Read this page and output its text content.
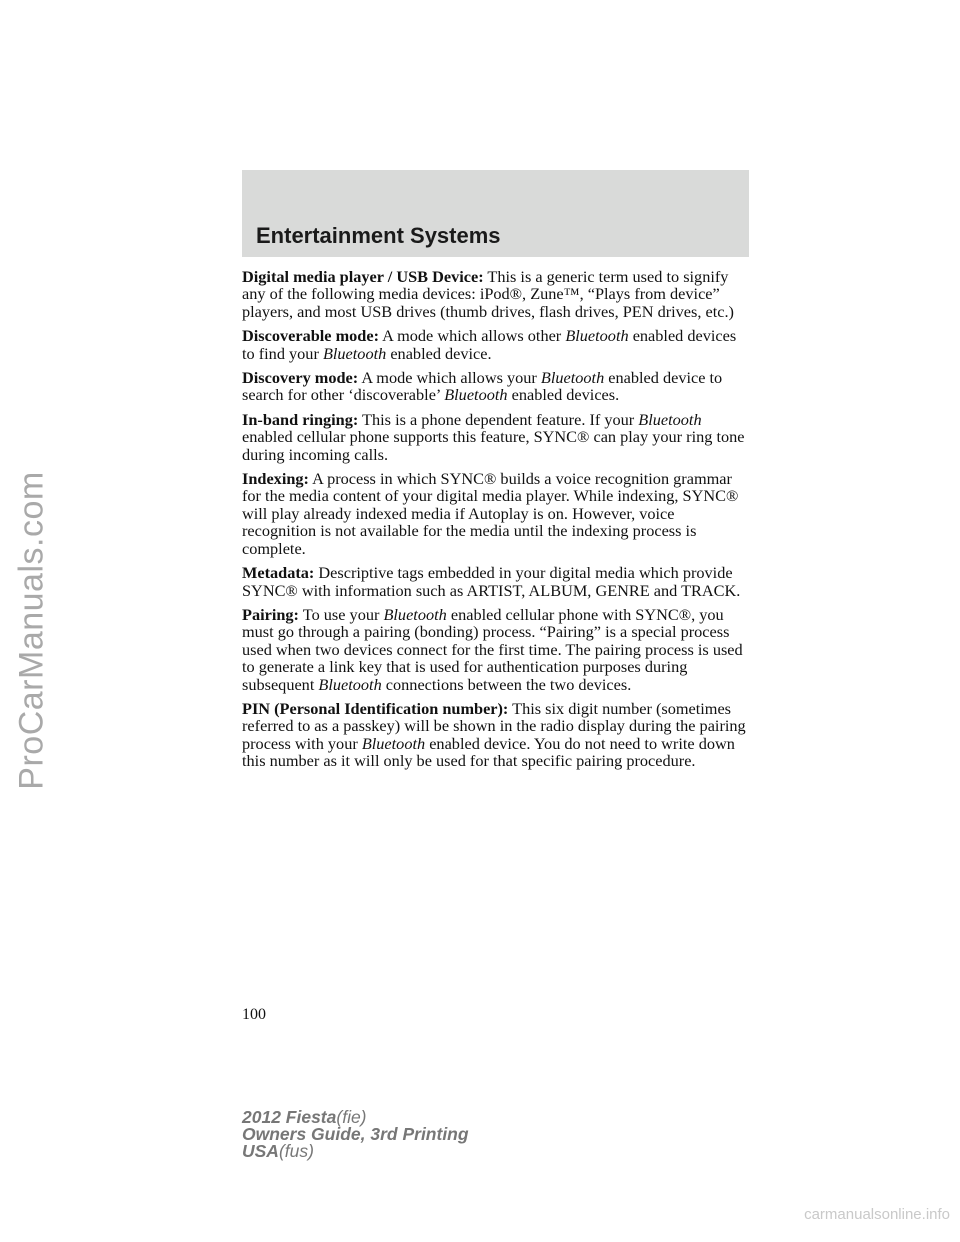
ProCarManuals.com
Entertainment Systems

Digital media player / USB Device: This is a generic term used to signify any of the following media devices: iPod®, Zune™, “Plays from device” players, and most USB drives (thumb drives, flash drives, PEN drives, etc.)

Discoverable mode: A mode which allows other Bluetooth enabled devices to find your Bluetooth enabled device.

Discovery mode: A mode which allows your Bluetooth enabled device to search for other ‘discoverable’ Bluetooth enabled devices.

In-band ringing: This is a phone dependent feature. If your Bluetooth enabled cellular phone supports this feature, SYNC® can play your ring tone during incoming calls.

Indexing: A process in which SYNC® builds a voice recognition grammar for the media content of your digital media player. While indexing, SYNC® will play already indexed media if Autoplay is on. However, voice recognition is not available for the media until the indexing process is complete.

Metadata: Descriptive tags embedded in your digital media which provide SYNC® with information such as ARTIST, ALBUM, GENRE and TRACK.

Pairing: To use your Bluetooth enabled cellular phone with SYNC®, you must go through a pairing (bonding) process. “Pairing” is a special process used when two devices connect for the first time. The pairing process is used to generate a link key that is used for authentication purposes during subsequent Bluetooth connections between the two devices.

PIN (Personal Identification number): This six digit number (sometimes referred to as a passkey) will be shown in the radio display during the pairing process with your Bluetooth enabled device. You do not need to write down this number as it will only be used for that specific pairing procedure.

100
2012 Fiesta(fie)
Owners Guide, 3rd Printing
USA(fus)
carmanualsonline.info
